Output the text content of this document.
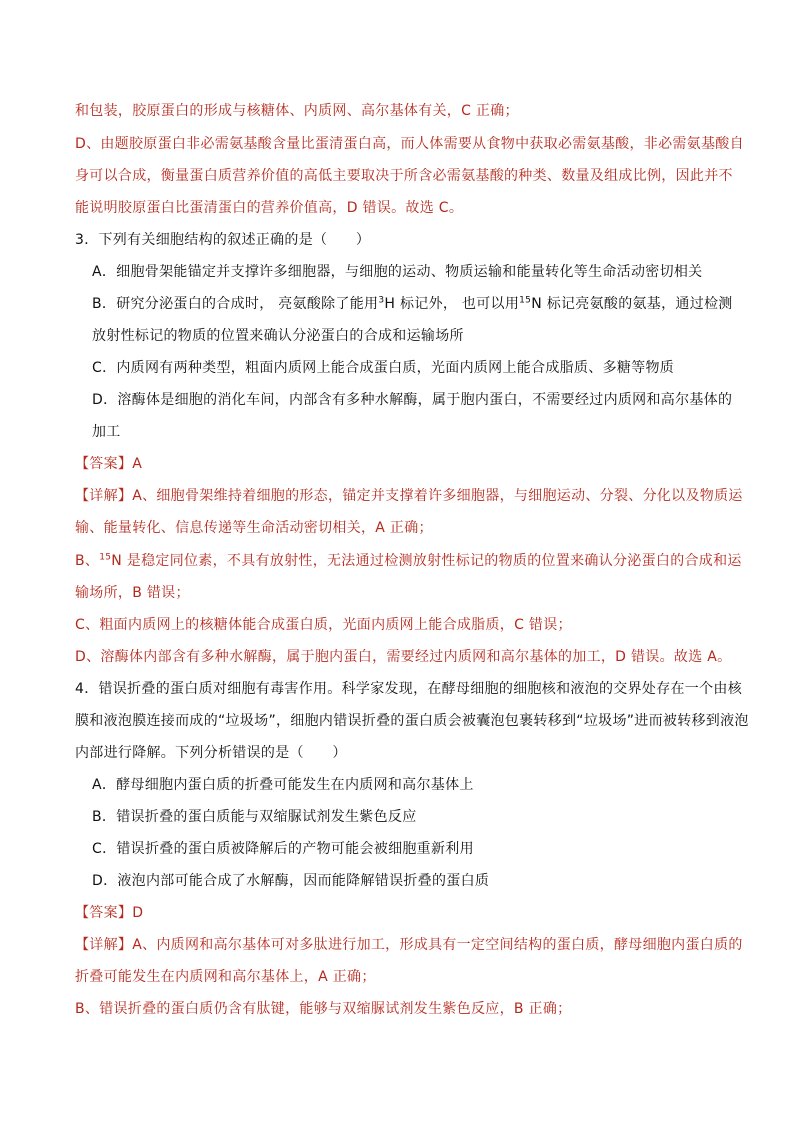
和包装，胶原蛋白的形成与核糖体、内质网、高尔基体有关，C 正确；
D、由题胶原蛋白非必需氨基酸含量比蛋清蛋白高，而人体需要从食物中获取必需氨基酸，非必需氨基酸自
身可以合成，衡量蛋白质营养价值的高低主要取决于所含必需氨基酸的种类、数量及组成比例，因此并不
能说明胶原蛋白比蛋清蛋白的营养价值高，D 错误。故选 C。
3．下列有关细胞结构的叙述正确的是（　　）
A．细胞骨架能锚定并支撑许多细胞器，与细胞的运动、物质运输和能量转化等生命活动密切相关
B．研究分泌蛋白的合成时， 亮氨酸除了能用$^3$H 标记外， 也可以用$^{15}$N 标记亮氨酸的氨基，通过检测
放射性标记的物质的位置来确认分泌蛋白的合成和运输场所
C．内质网有两种类型，粗面内质网上能合成蛋白质，光面内质网上能合成脂质、多糖等物质
D．溶酶体是细胞的消化车间，内部含有多种水解酶，属于胞内蛋白，不需要经过内质网和高尔基体的
加工
【答案】A
【详解】A、细胞骨架维持着细胞的形态，锚定并支撑着许多细胞器，与细胞运动、分裂、分化以及物质运
输、能量转化、信息传递等生命活动密切相关，A 正确；
B、$^{15}$N 是稳定同位素，不具有放射性，无法通过检测放射性标记的物质的位置来确认分泌蛋白的合成和运
输场所，B 错误；
C、粗面内质网上的核糖体能合成蛋白质，光面内质网上能合成脂质，C 错误；
D、溶酶体内部含有多种水解酶，属于胞内蛋白，需要经过内质网和高尔基体的加工，D 错误。故选 A。
4．错误折叠的蛋白质对细胞有毒害作用。科学家发现，在酵母细胞的细胞核和液泡的交界处存在一个由核
膜和液泡膜连接而成的“垃圾场”，细胞内错误折叠的蛋白质会被囊泡包裹转移到“垃圾场”进而被转移到液泡
内部进行降解。下列分析错误的是（　　）
A．酵母细胞内蛋白质的折叠可能发生在内质网和高尔基体上
B．错误折叠的蛋白质能与双缩脲试剂发生紫色反应
C．错误折叠的蛋白质被降解后的产物可能会被细胞重新利用
D．液泡内部可能合成了水解酶，因而能降解错误折叠的蛋白质
【答案】D
【详解】A、内质网和高尔基体可对多肽进行加工，形成具有一定空间结构的蛋白质，酵母细胞内蛋白质的
折叠可能发生在内质网和高尔基体上，A 正确；
B、错误折叠的蛋白质仍含有肽键，能够与双缩脲试剂发生紫色反应，B 正确；
